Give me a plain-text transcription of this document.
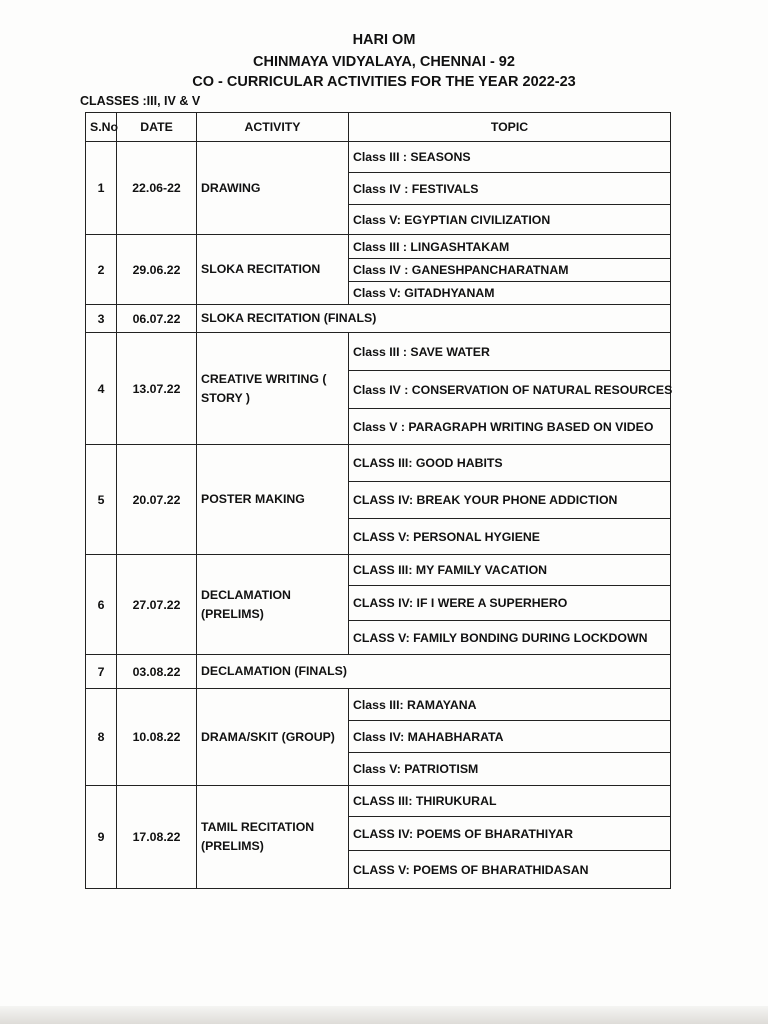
HARI OM
CHINMAYA VIDYALAYA, CHENNAI - 92
CO - CURRICULAR ACTIVITIES FOR THE YEAR 2022-23
CLASSES :III, IV & V
S.No	DATE	ACTIVITY	TOPIC
1	22.06-22	DRAWING	Class III : SEASONS
			Class IV : FESTIVALS
			Class V: EGYPTIAN CIVILIZATION
2	29.06.22	SLOKA RECITATION	Class III : LINGASHTAKAM
			Class IV : GANESHPANCHARATNAM
			Class V: GITADHYANAM
3	06.07.22	SLOKA RECITATION (FINALS)	
4	13.07.22	CREATIVE WRITING ( STORY )	Class III : SAVE WATER
			Class IV : CONSERVATION OF NATURAL RESOURCES
			Class V : PARAGRAPH WRITING BASED ON VIDEO
5	20.07.22	POSTER MAKING	CLASS III: GOOD HABITS
			CLASS IV: BREAK YOUR PHONE ADDICTION
			CLASS V: PERSONAL HYGIENE
6	27.07.22	DECLAMATION (PRELIMS)	CLASS III: MY FAMILY VACATION
			CLASS IV: IF I WERE A SUPERHERO
			CLASS V: FAMILY BONDING DURING LOCKDOWN
7	03.08.22	DECLAMATION (FINALS)	
8	10.08.22	DRAMA/SKIT (GROUP)	Class III: RAMAYANA
			Class IV: MAHABHARATA
			Class V: PATRIOTISM
9	17.08.22	TAMIL RECITATION (PRELIMS)	CLASS III: THIRUKURAL
			CLASS IV: POEMS OF BHARATHIYAR
			CLASS V: POEMS OF BHARATHIDASAN
